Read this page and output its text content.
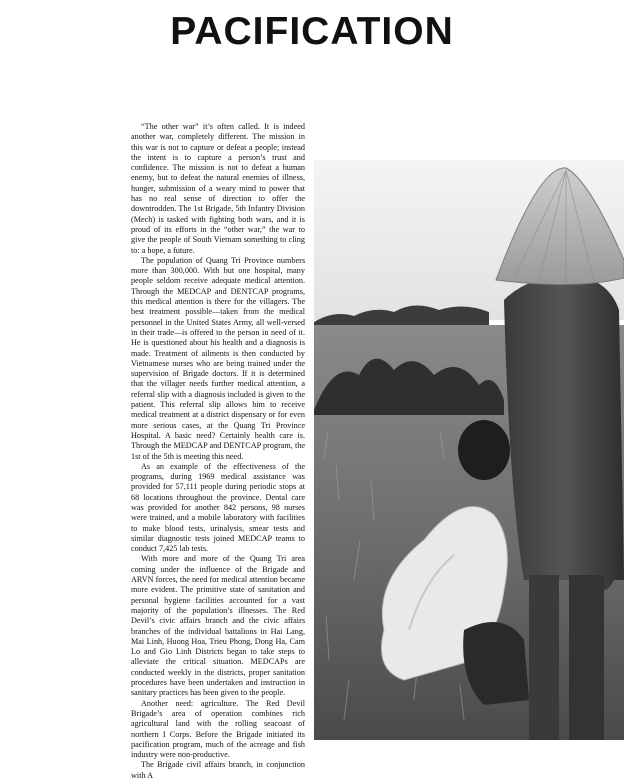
PACIFICATION

“The other war” it’s often called. It is indeed another war, completely different. The mission in this war is not to capture or defeat a people; instead the intent is to capture a person’s trust and confidence. The mission is not to defeat a human enemy, but to defeat the natural enemies of illness, hunger, submission of a weary mind to power that has no real sense of direction to offer the downtrodden. The 1st Brigade, 5th Infantry Division (Mech) is tasked with fighting both wars, and it is proud of its efforts in the “other war,” the war to give the people of South Vietnam something to cling to: a hope, a future.

The population of Quang Tri Province numbers more than 300,000. With but one hospital, many people seldom receive adequate medical attention. Through the MEDCAP and DENTCAP programs, this medical attention is there for the villagers. The best treatment possible—taken from the medical personnel in the United States Army, all well-versed in their trade—is offered to the person in need of it. He is questioned about his health and a diagnosis is made. Treatment of ailments is then conducted by Vietnamese nurses who are being trained under the supervision of Brigade doctors. If it is determined that the villager needs further medical attention, a referral slip with a diagnosis included is given to the patient. This referral slip allows him to receive medical treatment at a district dispensary or for even more serious cases, at the Quang Tri Province Hospital. A basic need? Certainly health care is. Through the MEDCAP and DENTCAP program, the 1st of the 5th is meeting this need.

As an example of the effectiveness of the programs, during 1969 medical assistance was provided for 57,111 people during periodic stops at 68 locations throughout the province. Dental care was provided for another 842 persons, 98 nurses were trained, and a mobile laboratory with facilities to make blood tests, urinalysis, smear tests and similar diagnostic tests joined MEDCAP teams to conduct 7,425 lab tests.

With more and more of the Quang Tri area coming under the influence of the Brigade and ARVN forces, the need for medical attention became more evident. The primitive state of sanitation and personal hygiene facilities accounted for a vast majority of the population’s illnesses. The Red Devil’s civic affairs branch and the civic affairs branches of the individual battalions in Hai Lang, Mai Linh, Huong Hoa, Trieu Phong, Dong Ha, Cam Lo and Gio Linh Districts began to take steps to alleviate the critical situation. MEDCAPs are conducted weekly in the districts, proper sanitation procedures have been undertaken and instruction in sanitary practices has been given to the people.

Another need: agriculture. The Red Devil Brigade’s area of operation combines rich agricultural land with the rolling seacoast of northern I Corps. Before the Brigade initiated its pacification program, much of the acreage and fish industry were non-productive.

The Brigade civil affairs branch, in conjunction with A
